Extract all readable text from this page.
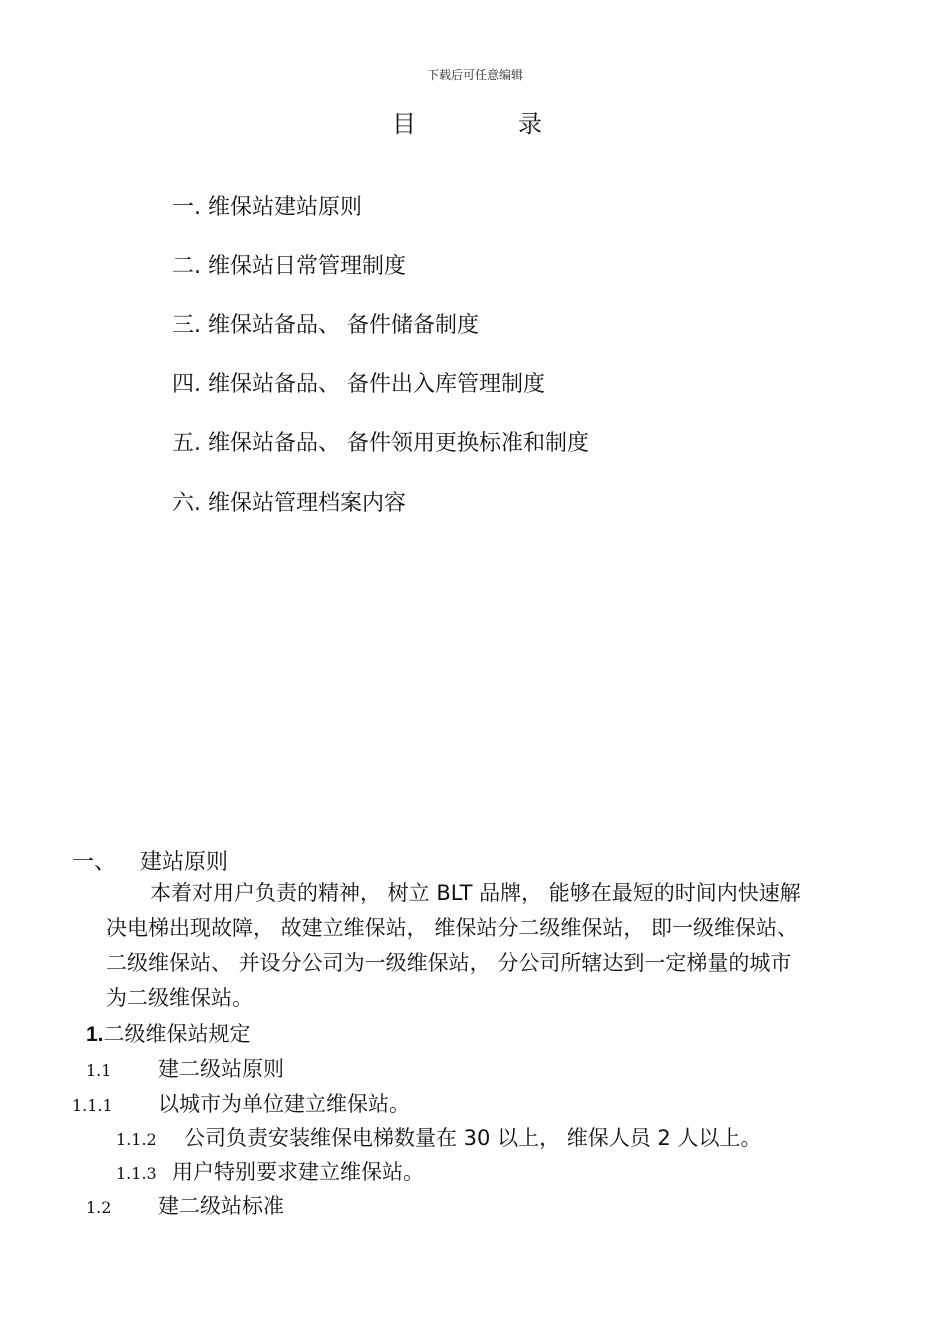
下载后可任意编辑
目	录
一. 维保站建站原则
二. 维保站日常管理制度
三. 维保站备品、 备件储备制度
四. 维保站备品、 备件出入库管理制度
五. 维保站备品、 备件领用更换标准和制度
六. 维保站管理档案内容
一、 建站原则
本着对用户负责的精神， 树立 BLT 品牌， 能够在最短的时间内快速解
决电梯出现故障， 故建立维保站， 维保站分二级维保站， 即一级维保站、
二级维保站、 并设分公司为一级维保站， 分公司所辖达到一定梯量的城市
为二级维保站。
1.二级维保站规定
1.1 建二级站原则
1.1.1 以城市为单位建立维保站。
1.1.2 公司负责安装维保电梯数量在 30 以上， 维保人员 2 人以上。
1.1.3 用户特别要求建立维保站。
1.2 建二级站标准
